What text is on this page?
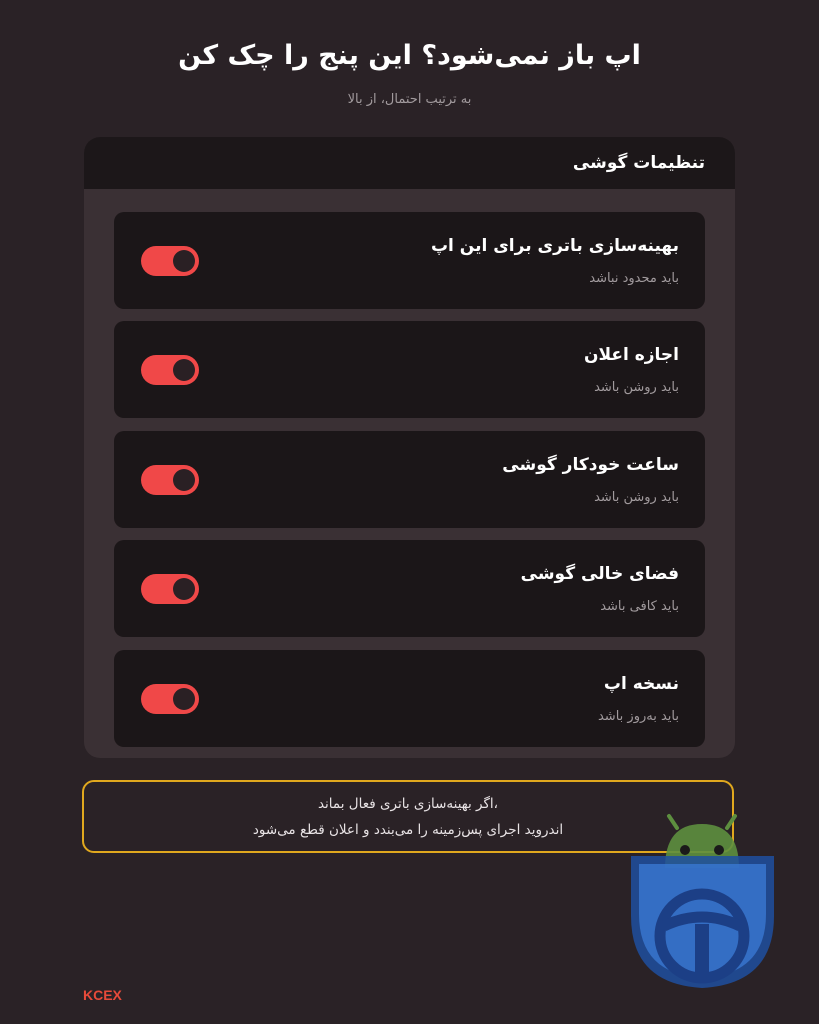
اپ باز نمی‌شود؟ این پنج را چک کن
به ترتیب احتمال، از بالا
تنظیمات گوشی
بهینه‌سازی باتری برای این اپ
باید محدود نباشد
اجازه اعلان
باید روشن باشد
ساعت خودکار گوشی
باید روشن باشد
فضای خالی گوشی
باید کافی باشد
نسخه اپ
باید به‌روز باشد
،اگر بهینه‌سازی باتری فعال بماند
اندروید اجرای پس‌زمینه را می‌بندد و اعلان قطع می‌شود
KCEX
